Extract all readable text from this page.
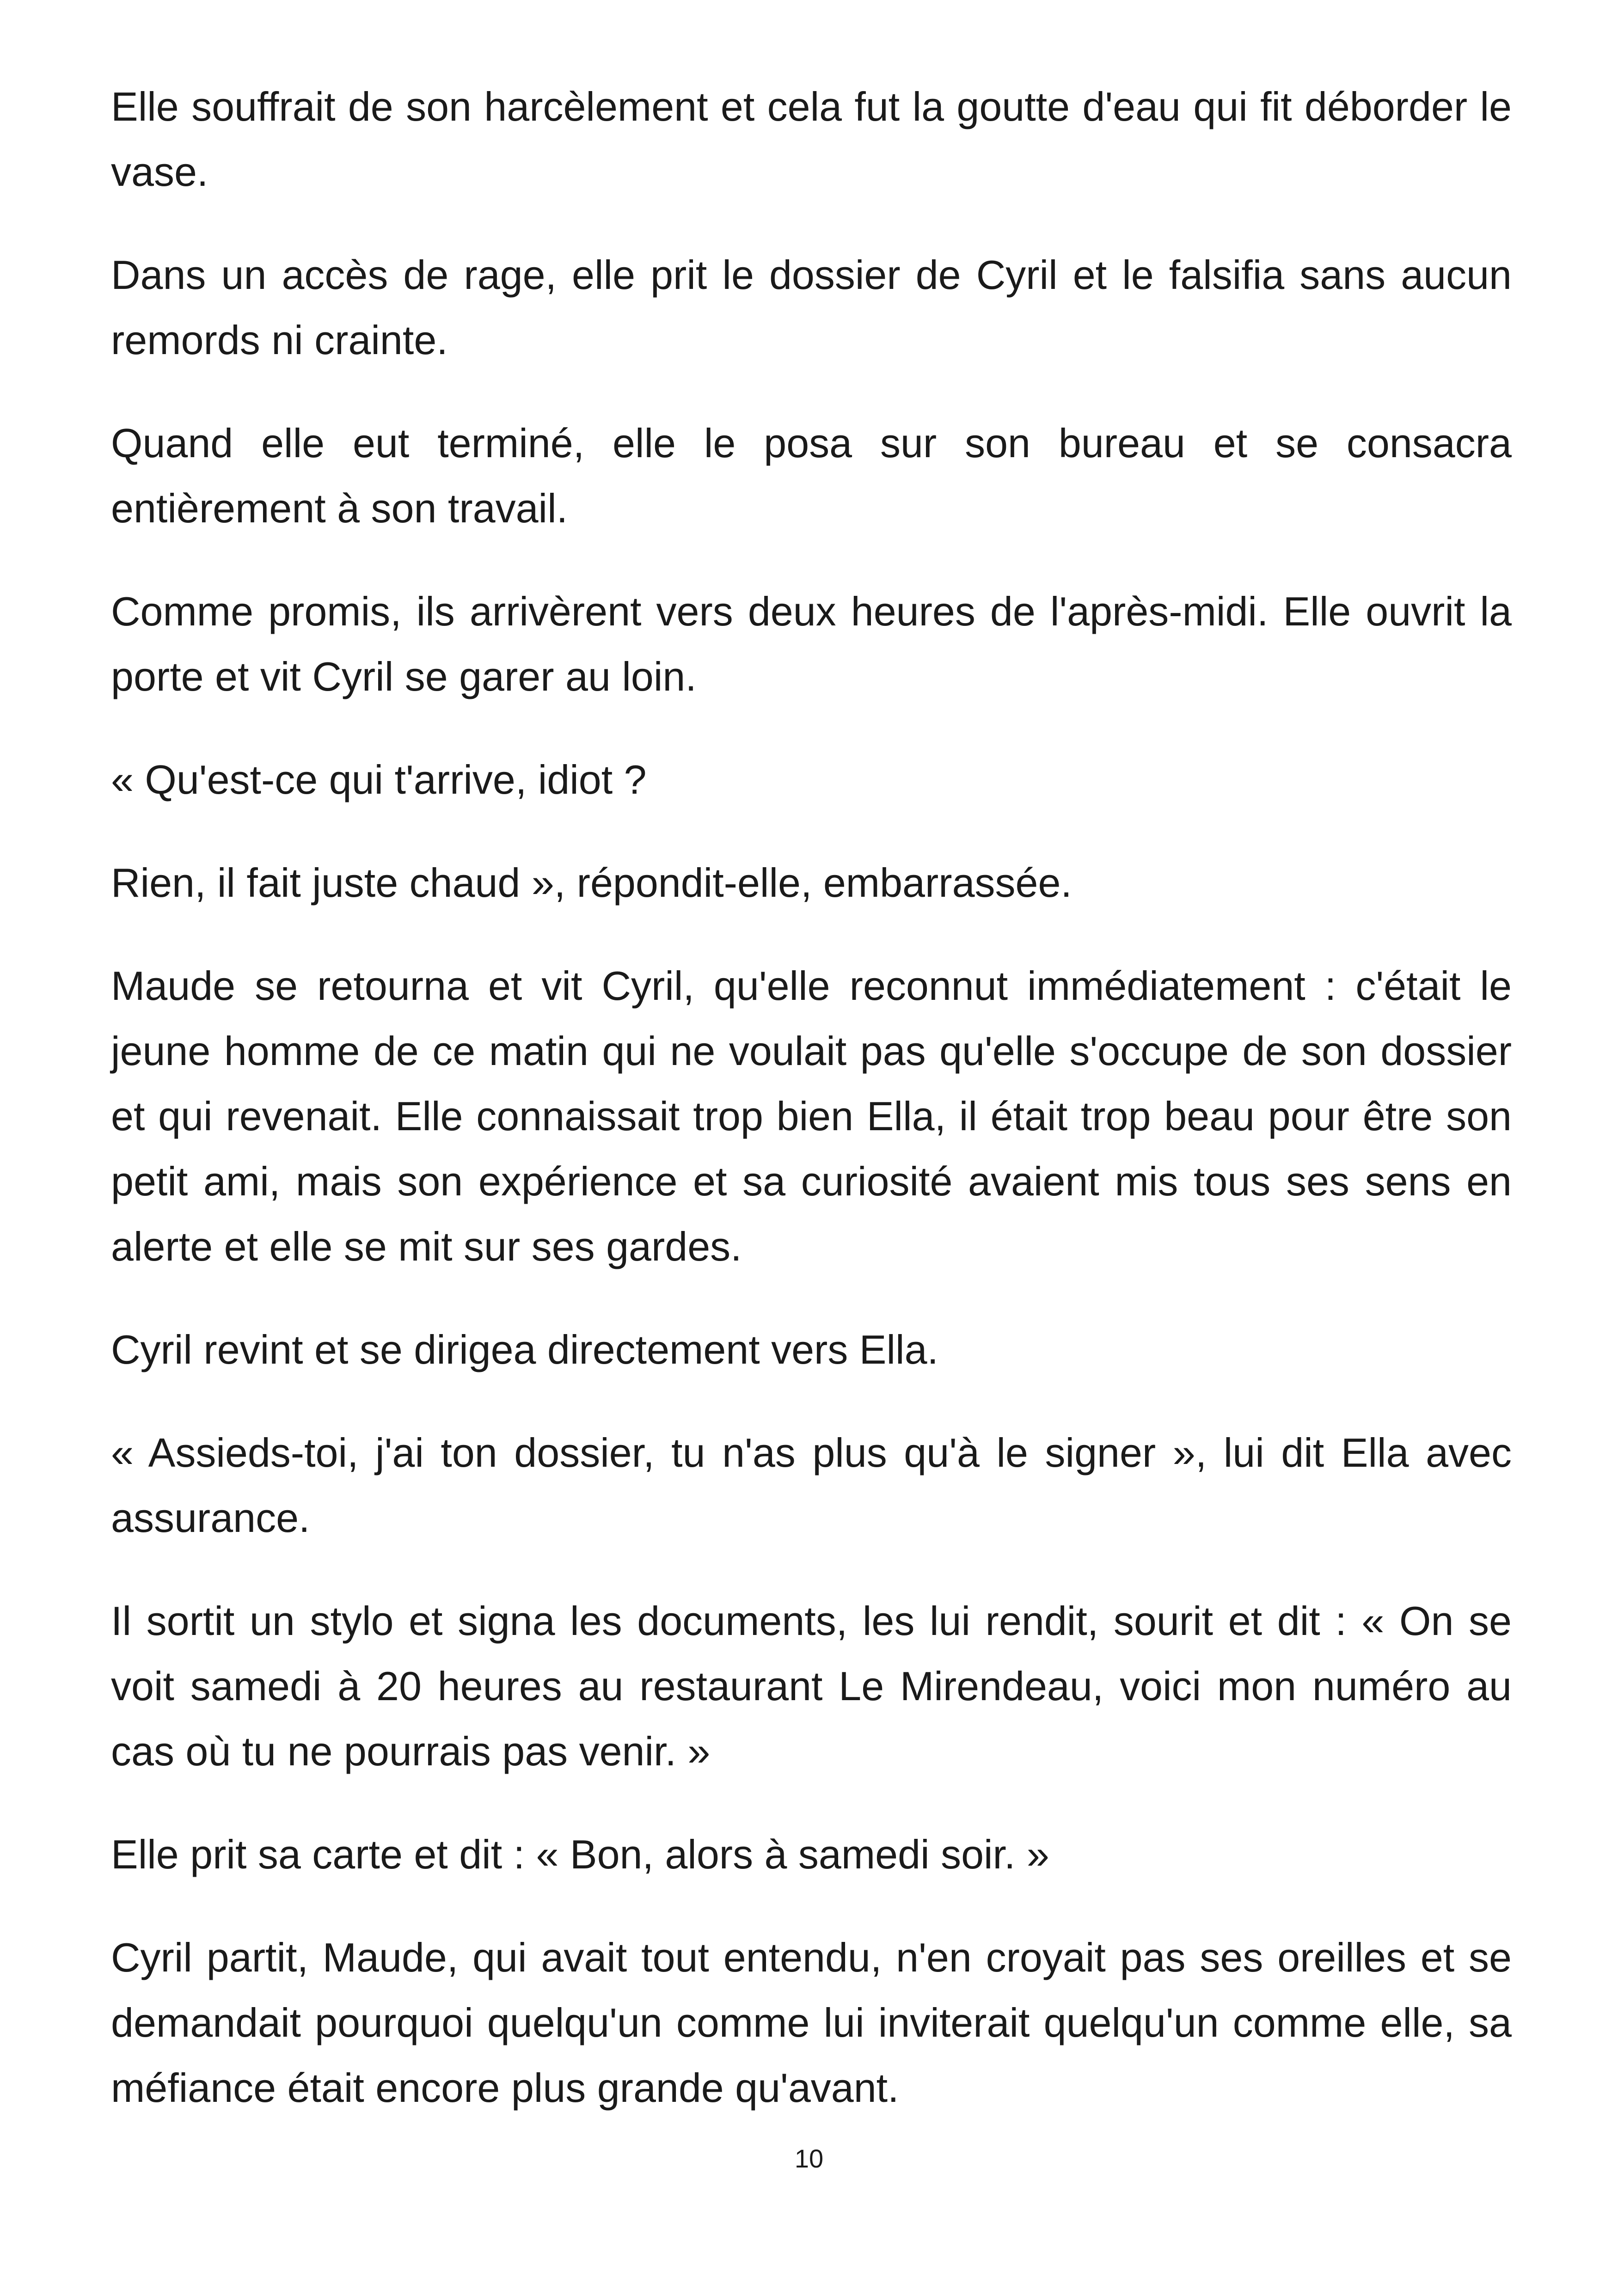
Elle souffrait de son harcèlement et cela fut la goutte d'eau qui fit déborder le vase.

Dans un accès de rage, elle prit le dossier de Cyril et le falsifia sans aucun remords ni crainte.

Quand elle eut terminé, elle le posa sur son bureau et se consacra entièrement à son travail.

Comme promis, ils arrivèrent vers deux heures de l'après-midi. Elle ouvrit la porte et vit Cyril se garer au loin.

« Qu'est-ce qui t'arrive, idiot ?

Rien, il fait juste chaud », répondit-elle, embarrassée.

Maude se retourna et vit Cyril, qu'elle reconnut immédiatement : c'était le jeune homme de ce matin qui ne voulait pas qu'elle s'occupe de son dossier et qui revenait. Elle connaissait trop bien Ella, il était trop beau pour être son petit ami, mais son expérience et sa curiosité avaient mis tous ses sens en alerte et elle se mit sur ses gardes.

Cyril revint et se dirigea directement vers Ella.

« Assieds-toi, j'ai ton dossier, tu n'as plus qu'à le signer », lui dit Ella avec assurance.

Il sortit un stylo et signa les documents, les lui rendit, sourit et dit : « On se voit samedi à 20 heures au restaurant Le Mirendeau, voici mon numéro au cas où tu ne pourrais pas venir. »

Elle prit sa carte et dit : « Bon, alors à samedi soir. »

Cyril partit, Maude, qui avait tout entendu, n'en croyait pas ses oreilles et se demandait pourquoi quelqu'un comme lui inviterait quelqu'un comme elle, sa méfiance était encore plus grande qu'avant.

10
